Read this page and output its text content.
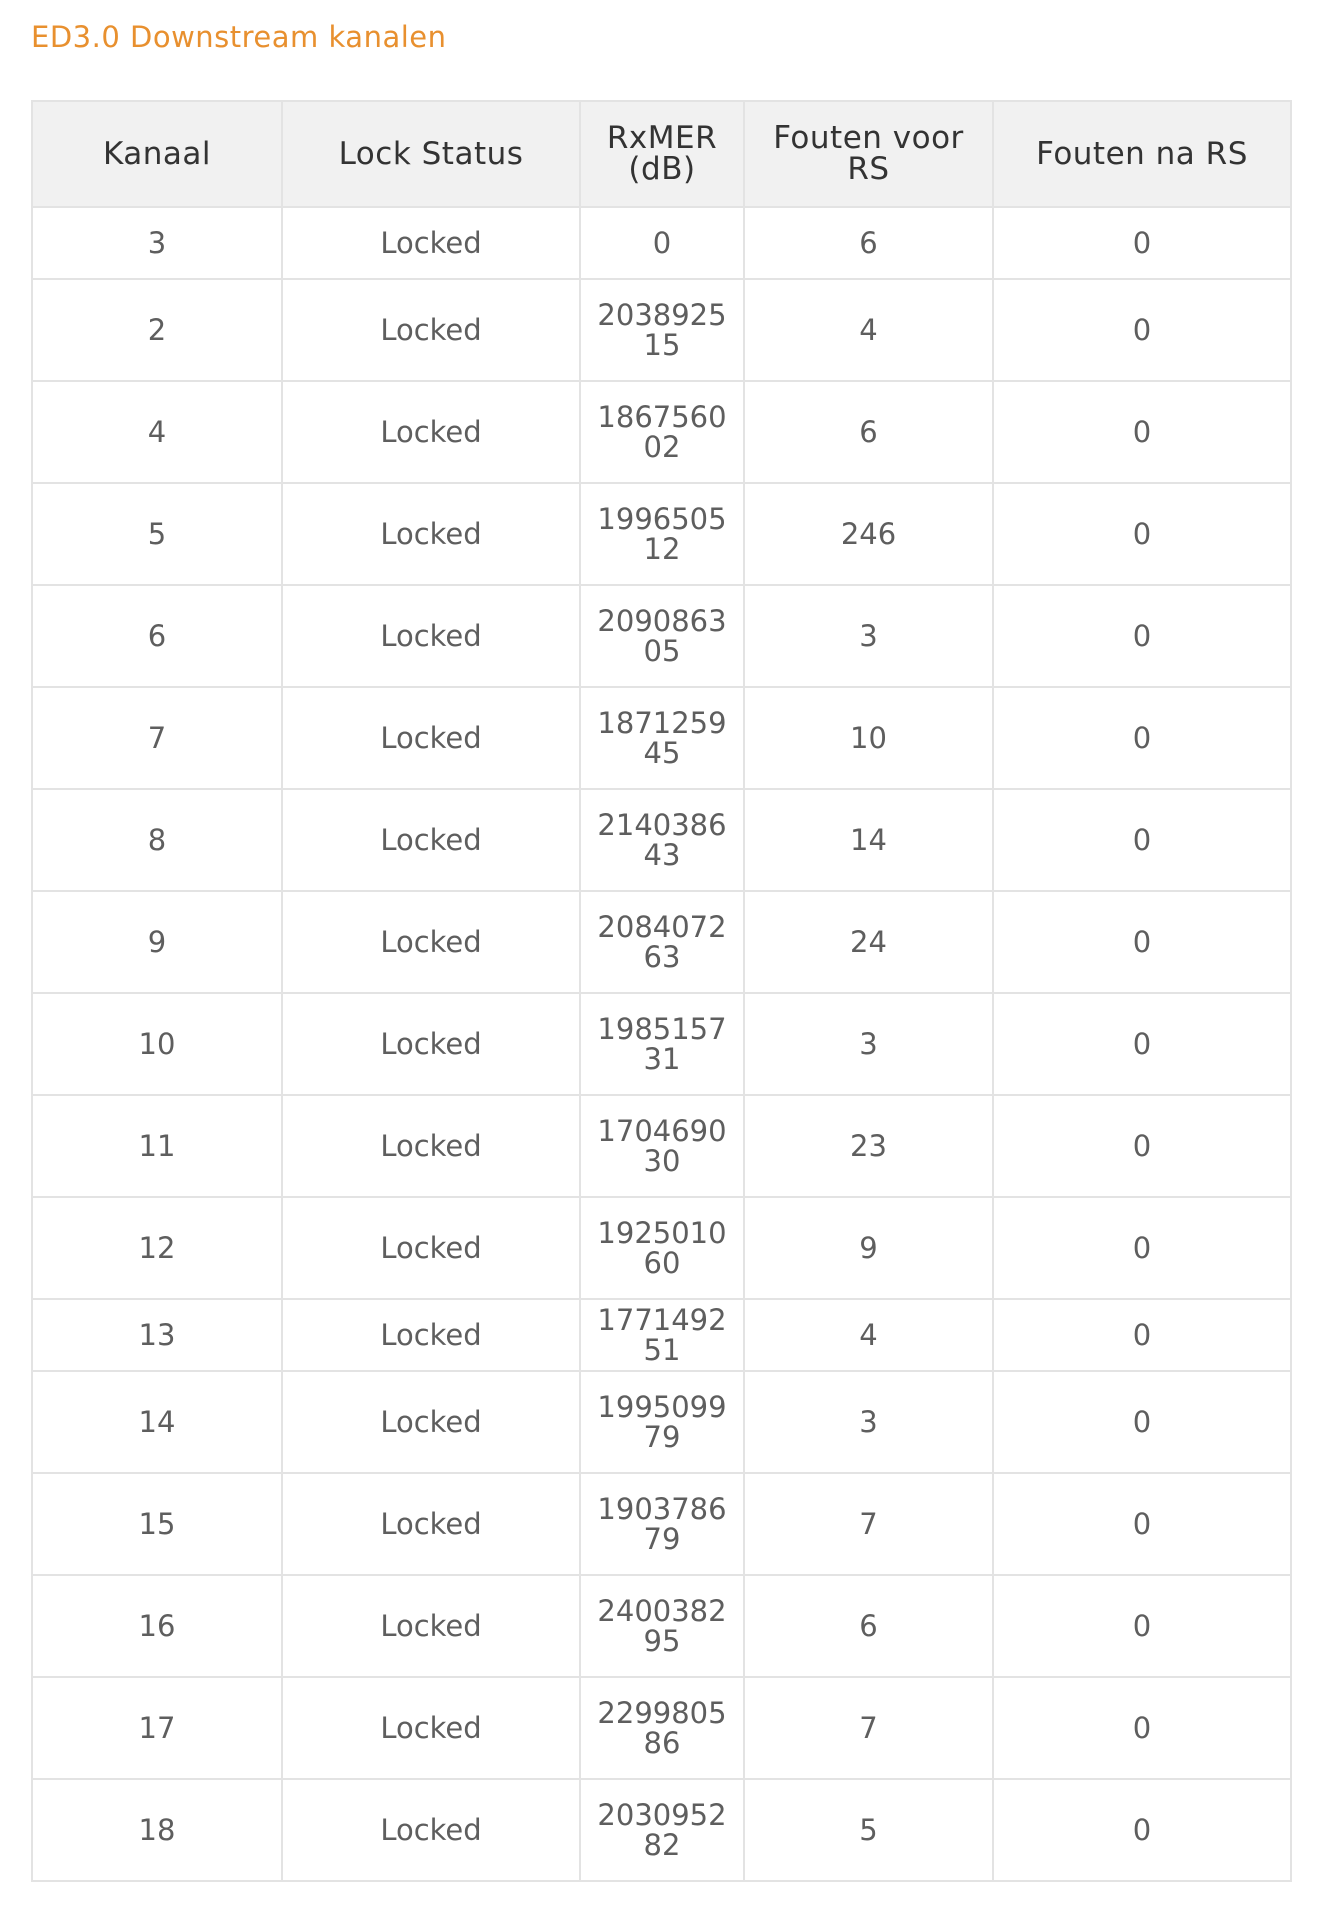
ED3.0 Downstream kanalen
Kanaal	Lock Status	RxMER (dB)	Fouten voor RS	Fouten na RS
3	Locked	0	6	0
2	Locked	203892515	4	0
4	Locked	186756002	6	0
5	Locked	199650512	246	0
6	Locked	209086305	3	0
7	Locked	187125945	10	0
8	Locked	214038643	14	0
9	Locked	208407263	24	0
10	Locked	198515731	3	0
11	Locked	170469030	23	0
12	Locked	192501060	9	0
13	Locked	177149251	4	0
14	Locked	199509979	3	0
15	Locked	190378679	7	0
16	Locked	240038295	6	0
17	Locked	229980586	7	0
18	Locked	203095282	5	0
